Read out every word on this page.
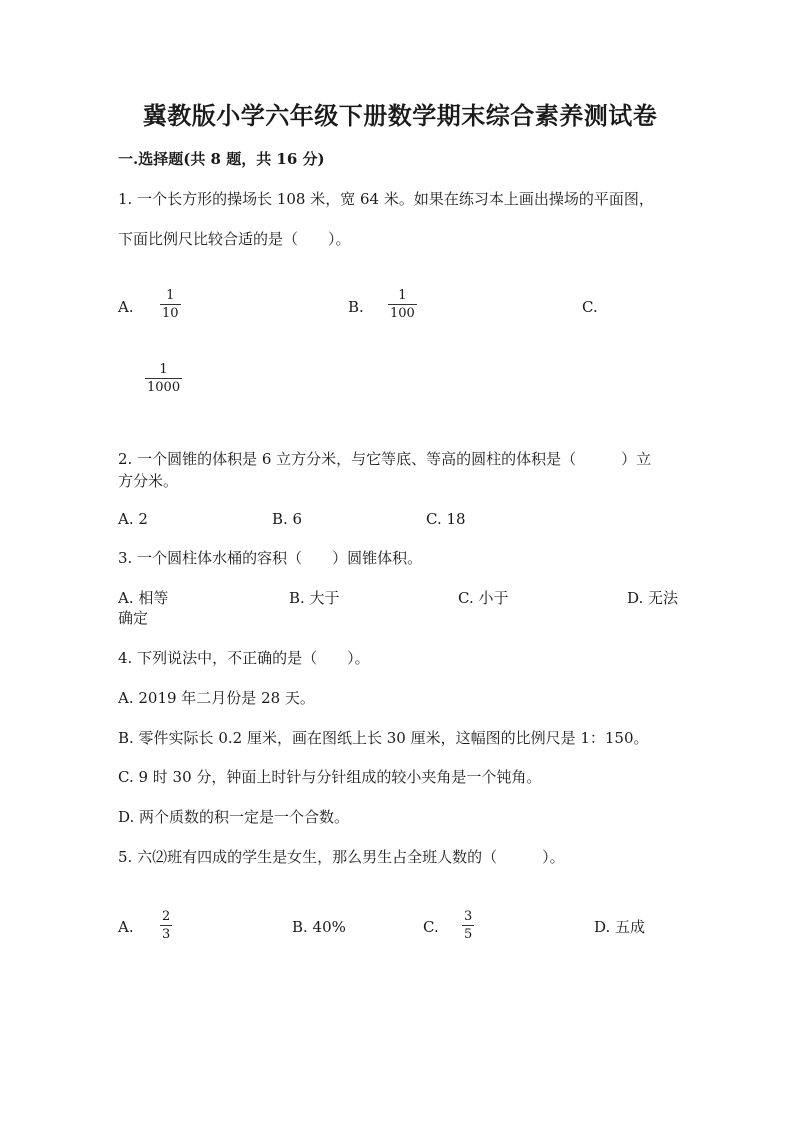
冀教版小学六年级下册数学期末综合素养测试卷
一.选择题(共 8 题，共 16 分)
1. 一个长方形的操场长 108 米，宽 64 米。如果在练习本上画出操场的平面图，
下面比例尺比较合适的是（　　）。
A.
1
10	B.
1
100	C.
1
1000
2. 一个圆锥的体积是 6 立方分米，与它等底、等高的圆柱的体积是（　　　）立
方分米。
A. 2	B. 6	C. 18
3. 一个圆柱体水桶的容积（　　）圆锥体积。
A. 相等	B. 大于	C. 小于	D. 无法
确定
4. 下列说法中，不正确的是（　　）。
A. 2019 年二月份是 28 天。
B. 零件实际长 0.2 厘米，画在图纸上长 30 厘米，这幅图的比例尺是 1：150。
C. 9 时 30 分，钟面上时针与分针组成的较小夹角是一个钝角。
D. 两个质数的积一定是一个合数。
5. 六⑵班有四成的学生是女生，那么男生占全班人数的（　　　）。
A.
2
3	B. 40%	C.
3
5	D. 五成
